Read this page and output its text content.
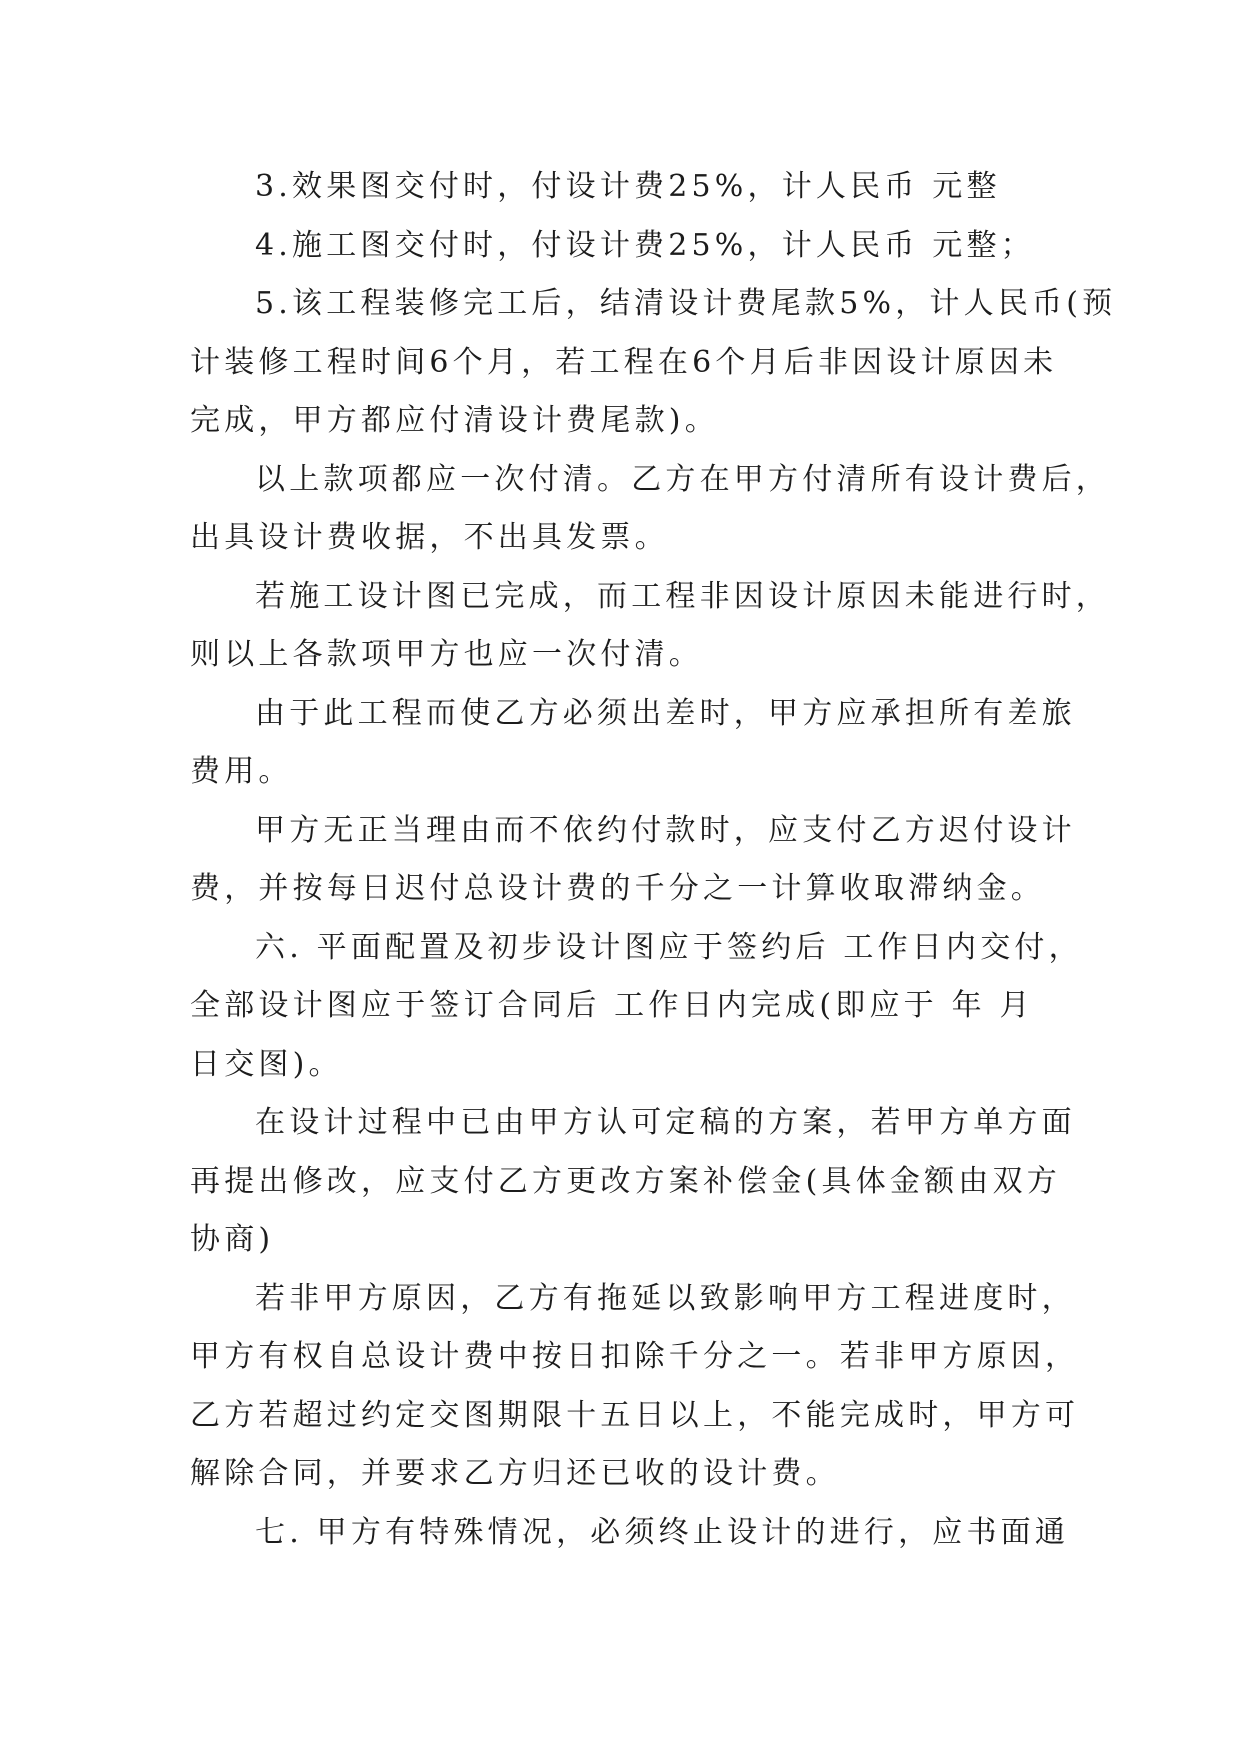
3.效果图交付时，付设计费25%，计人民币 元整
4.施工图交付时，付设计费25%，计人民币 元整；
5.该工程装修完工后，结清设计费尾款5%，计人民币(预
计装修工程时间6个月，若工程在6个月后非因设计原因未
完成，甲方都应付清设计费尾款)。
以上款项都应一次付清。乙方在甲方付清所有设计费后，
出具设计费收据，不出具发票。
若施工设计图已完成，而工程非因设计原因未能进行时，
则以上各款项甲方也应一次付清。
由于此工程而使乙方必须出差时，甲方应承担所有差旅
费用。
甲方无正当理由而不依约付款时，应支付乙方迟付设计
费，并按每日迟付总设计费的千分之一计算收取滞纳金。
六. 平面配置及初步设计图应于签约后 工作日内交付，
全部设计图应于签订合同后 工作日内完成(即应于 年 月
日交图)。
在设计过程中已由甲方认可定稿的方案，若甲方单方面
再提出修改，应支付乙方更改方案补偿金(具体金额由双方
协商)
若非甲方原因，乙方有拖延以致影响甲方工程进度时，
甲方有权自总设计费中按日扣除千分之一。若非甲方原因，
乙方若超过约定交图期限十五日以上，不能完成时，甲方可
解除合同，并要求乙方归还已收的设计费。
七. 甲方有特殊情况，必须终止设计的进行，应书面通
